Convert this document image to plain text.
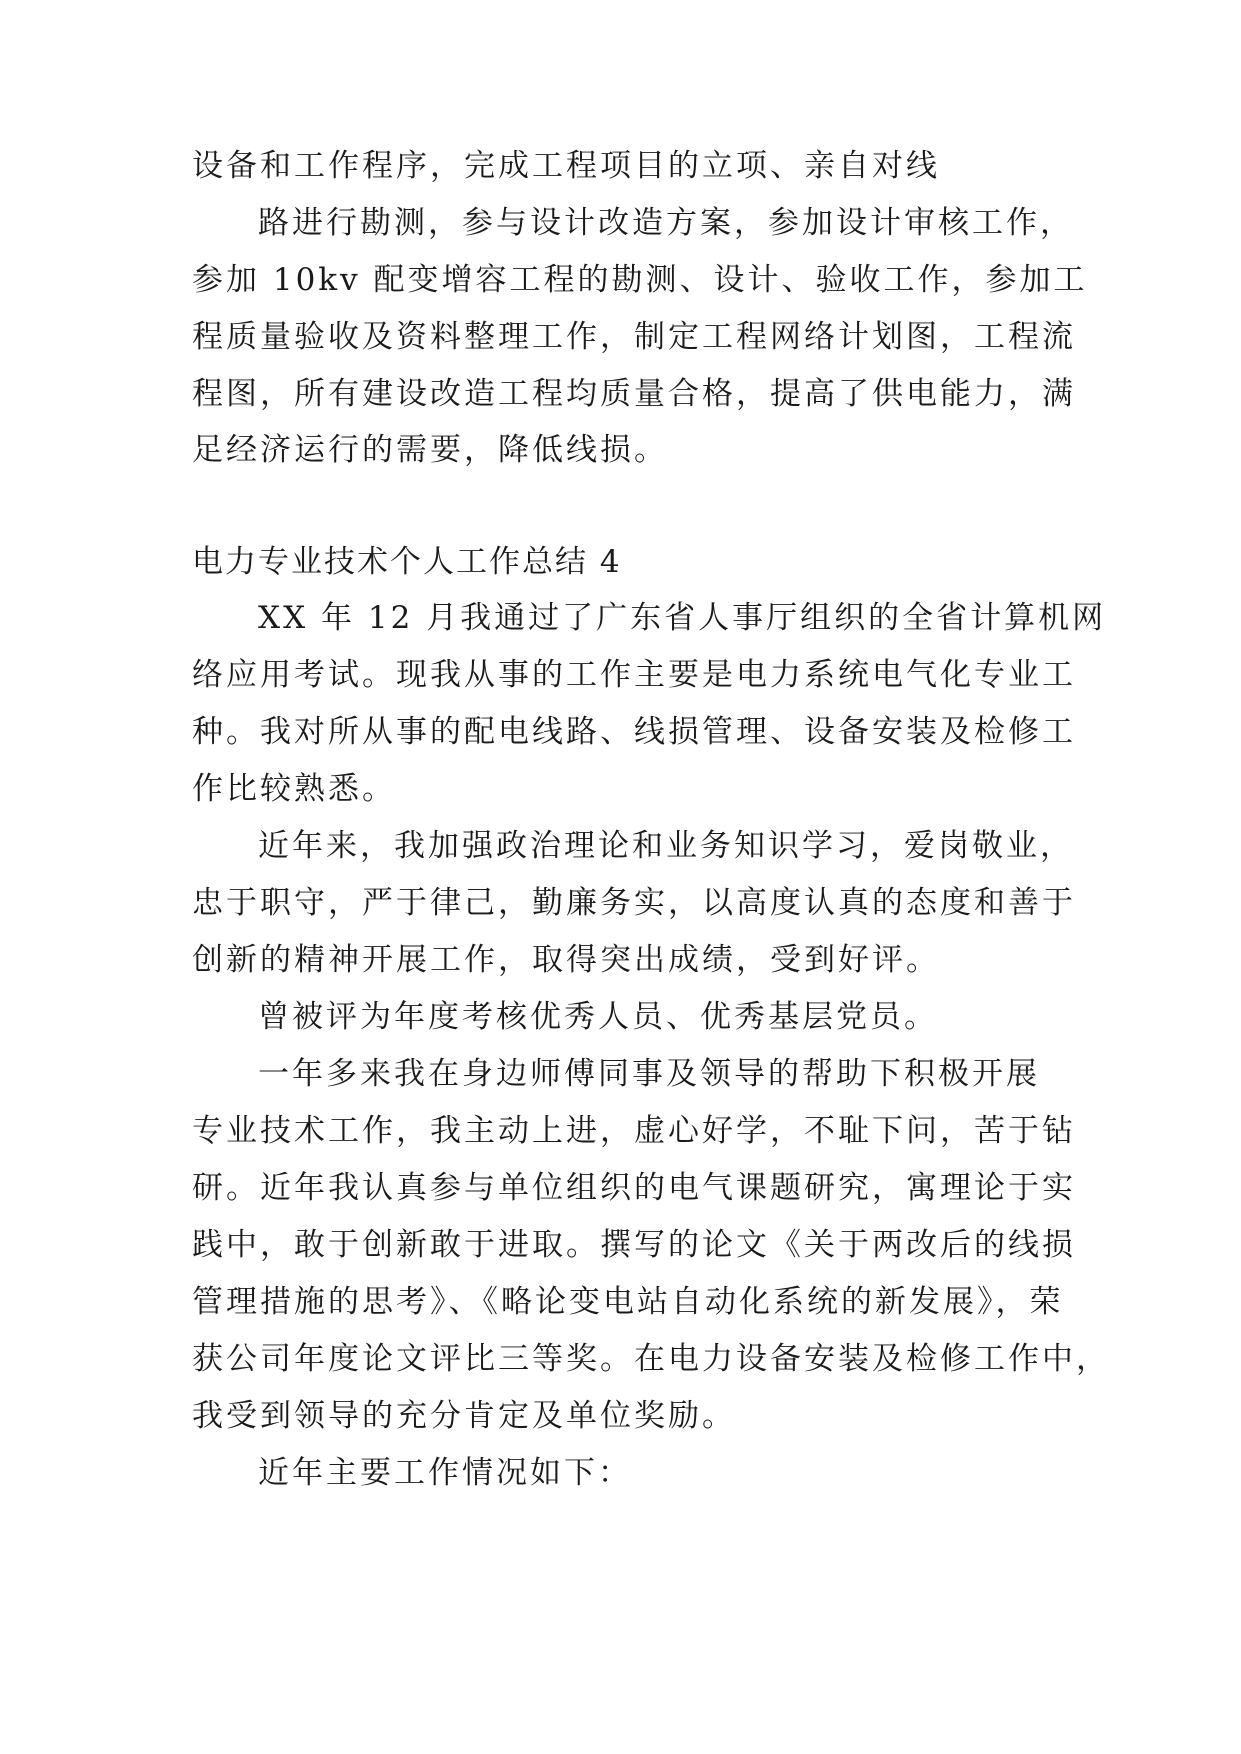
设备和工作程序，完成工程项目的立项、亲自对线
路进行勘测，参与设计改造方案，参加设计审核工作，
参加 10kv 配变增容工程的勘测、设计、验收工作，参加工
程质量验收及资料整理工作，制定工程网络计划图，工程流
程图，所有建设改造工程均质量合格，提高了供电能力，满
足经济运行的需要，降低线损。
电力专业技术个人工作总结 4
XX 年 12 月我通过了广东省人事厅组织的全省计算机网
络应用考试。现我从事的工作主要是电力系统电气化专业工
种。我对所从事的配电线路、线损管理、设备安装及检修工
作比较熟悉。
近年来，我加强政治理论和业务知识学习，爱岗敬业，
忠于职守，严于律己，勤廉务实，以高度认真的态度和善于
创新的精神开展工作，取得突出成绩，受到好评。
曾被评为年度考核优秀人员、优秀基层党员。
一年多来我在身边师傅同事及领导的帮助下积极开展
专业技术工作，我主动上进，虚心好学，不耻下问，苦于钻
研。近年我认真参与单位组织的电气课题研究，寓理论于实
践中，敢于创新敢于进取。撰写的论文《关于两改后的线损
管理措施的思考》、《略论变电站自动化系统的新发展》，荣
获公司年度论文评比三等奖。在电力设备安装及检修工作中，
我受到领导的充分肯定及单位奖励。
近年主要工作情况如下：
